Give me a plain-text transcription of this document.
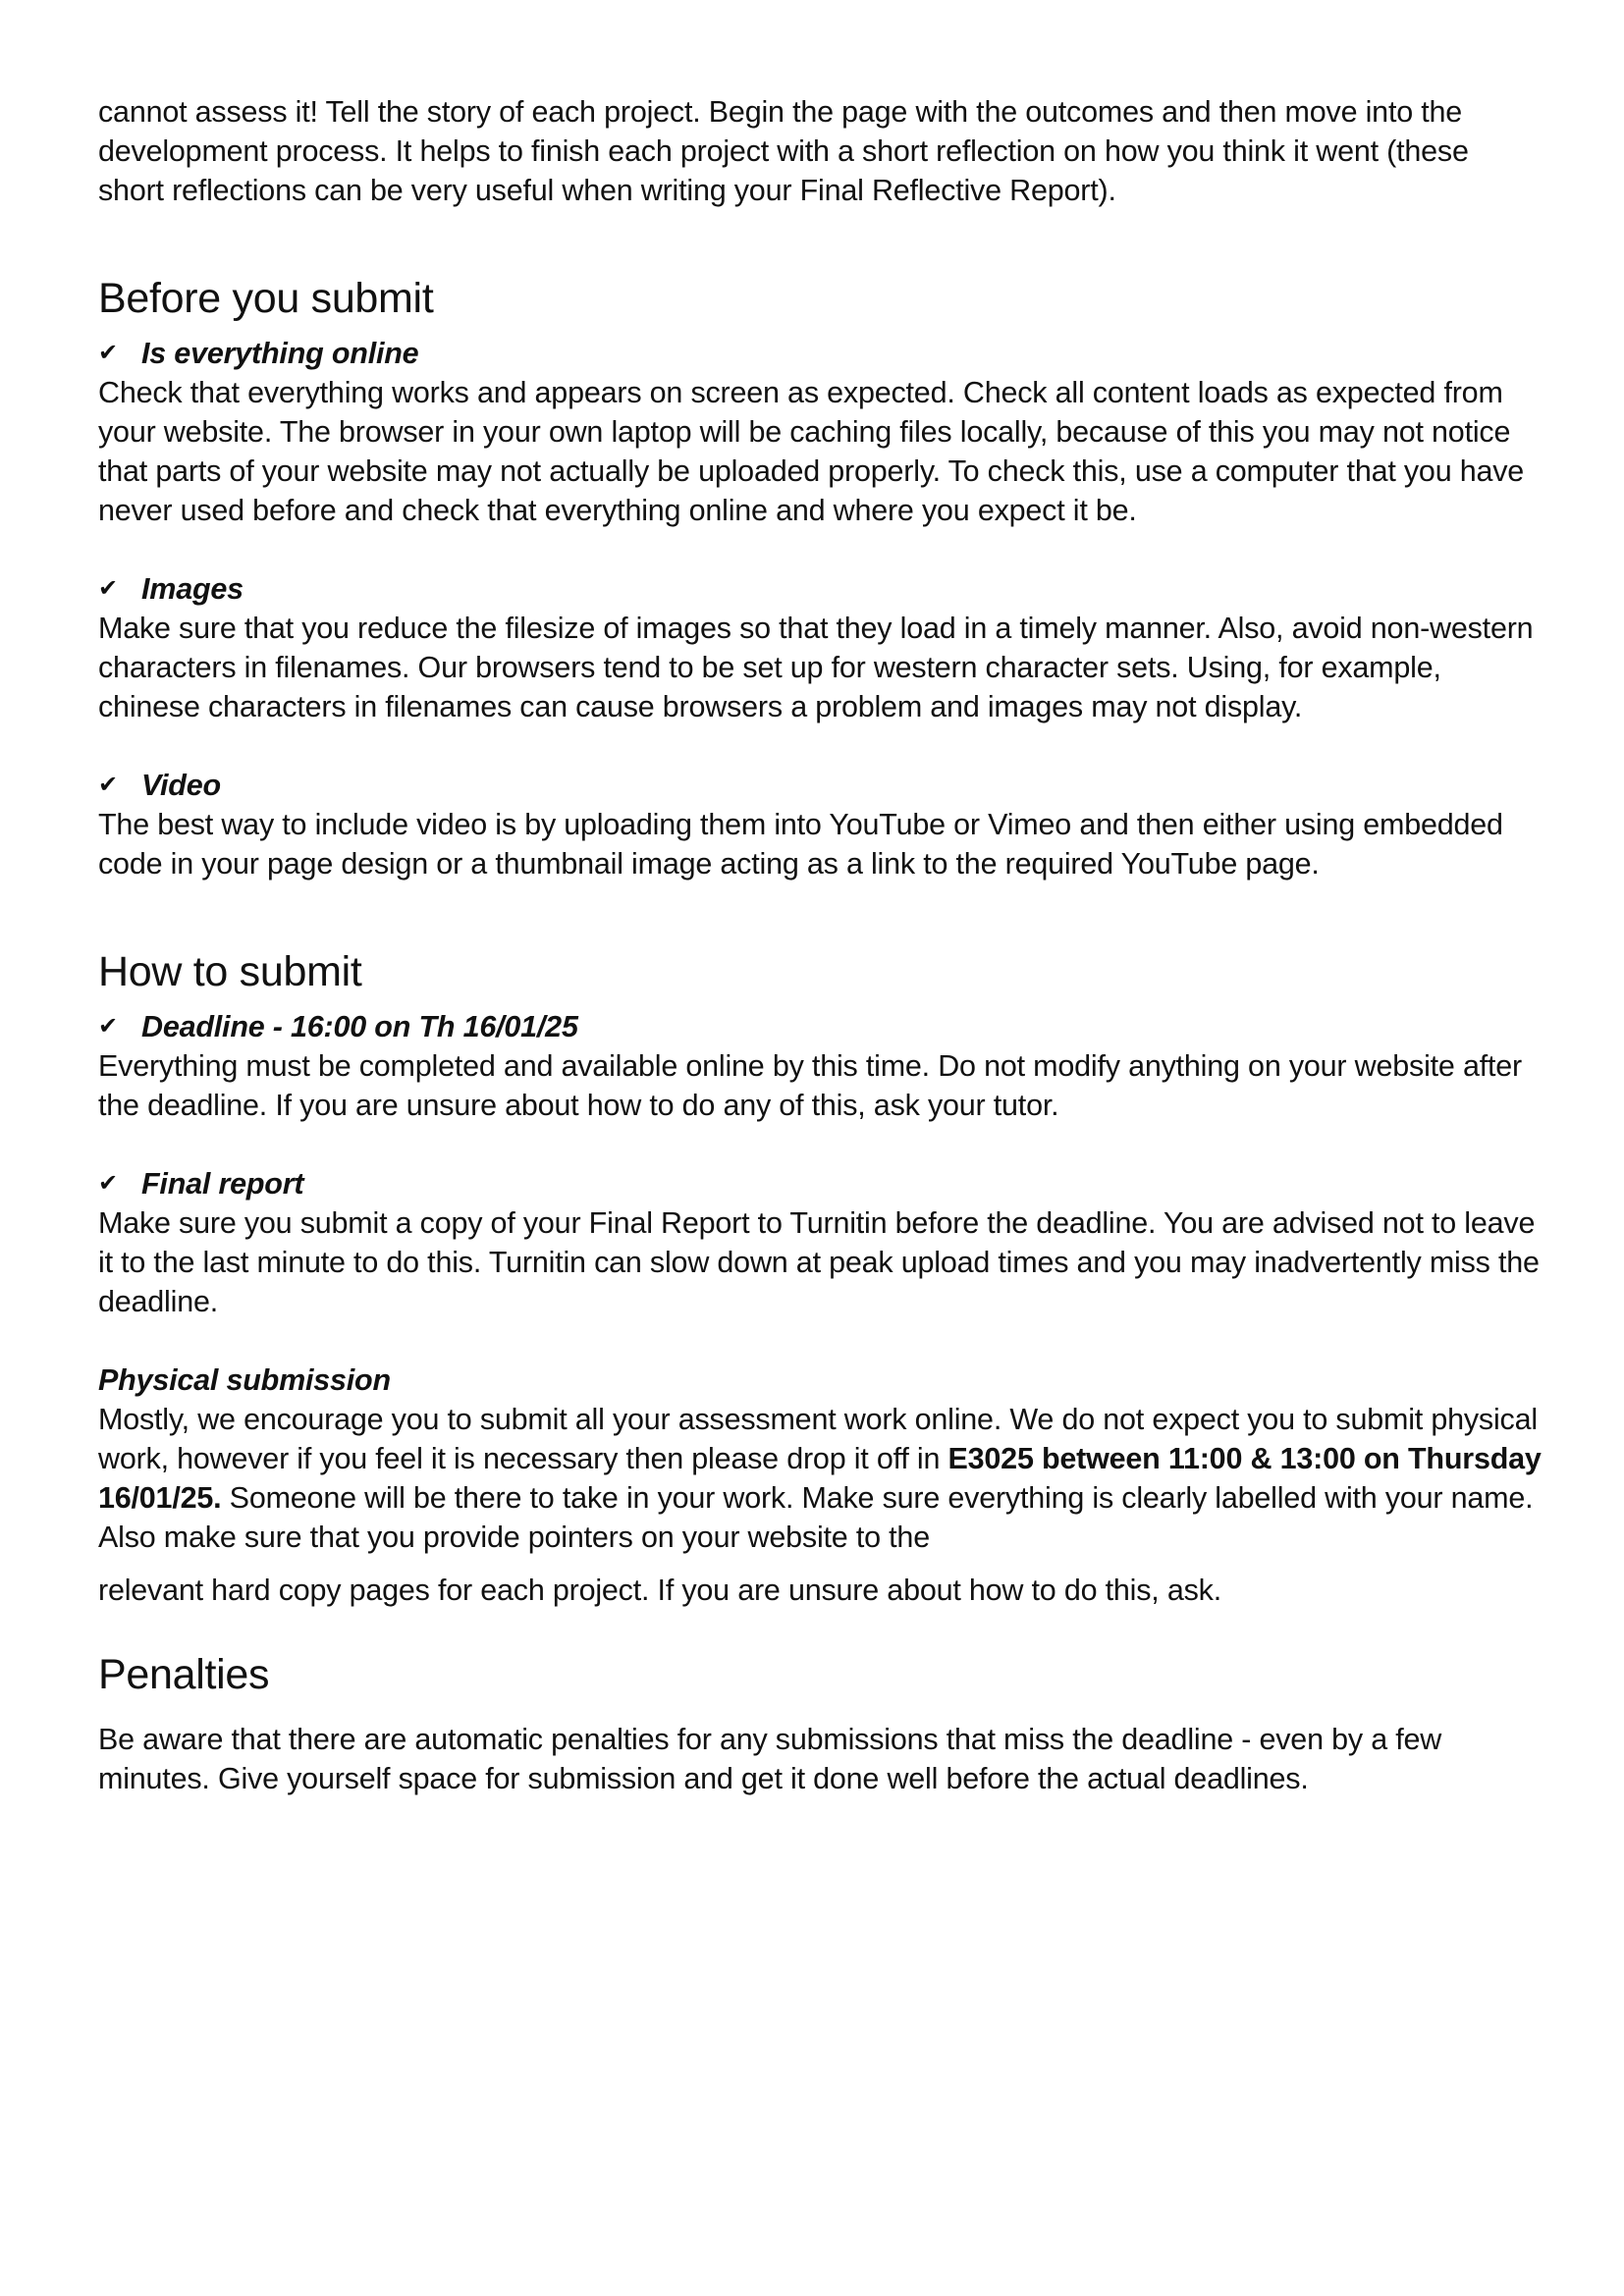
cannot assess it! Tell the story of each project. Begin the page with the outcomes and then move into the development process. It helps to finish each project with a short reflection on how you think it went (these short reflections can be very useful when writing your Final Reflective Report).

Before you submit
✔ Is everything online

Check that everything works and appears on screen as expected. Check all content loads as expected from your website. The browser in your own laptop will be caching files locally, because of this you may not notice that parts of your website may not actually be uploaded properly. To check this, use a computer that you have never used before and check that everything online and where you expect it be.

✔ Images

Make sure that you reduce the filesize of images so that they load in a timely manner. Also, avoid non-western characters in filenames. Our browsers tend to be set up for western character sets. Using, for example, chinese characters in filenames can cause browsers a problem and images may not display.

✔ Video

The best way to include video is by uploading them into YouTube or Vimeo and then either using embedded code in your page design or a thumbnail image acting as a link to the required YouTube page.

How to submit
✔ Deadline - 16:00 on Th 16/01/25

Everything must be completed and available online by this time. Do not modify anything on your website after the deadline. If you are unsure about how to do any of this, ask your tutor.

✔ Final report

Make sure you submit a copy of your Final Report to Turnitin before the deadline. You are advised not to leave it to the last minute to do this. Turnitin can slow down at peak upload times and you may inadvertently miss the deadline.

Physical submission

Mostly, we encourage you to submit all your assessment work online. We do not expect you to submit physical work, however if you feel it is necessary then please drop it off in E3025 between 11:00 & 13:00 on Thursday 16/01/25. Someone will be there to take in your work. Make sure everything is clearly labelled with your name. Also make sure that you provide pointers on your website to the
relevant hard copy pages for each project. If you are unsure about how to do this, ask.

Penalties

Be aware that there are automatic penalties for any submissions that miss the deadline - even by a few minutes. Give yourself space for submission and get it done well before the actual deadlines.
